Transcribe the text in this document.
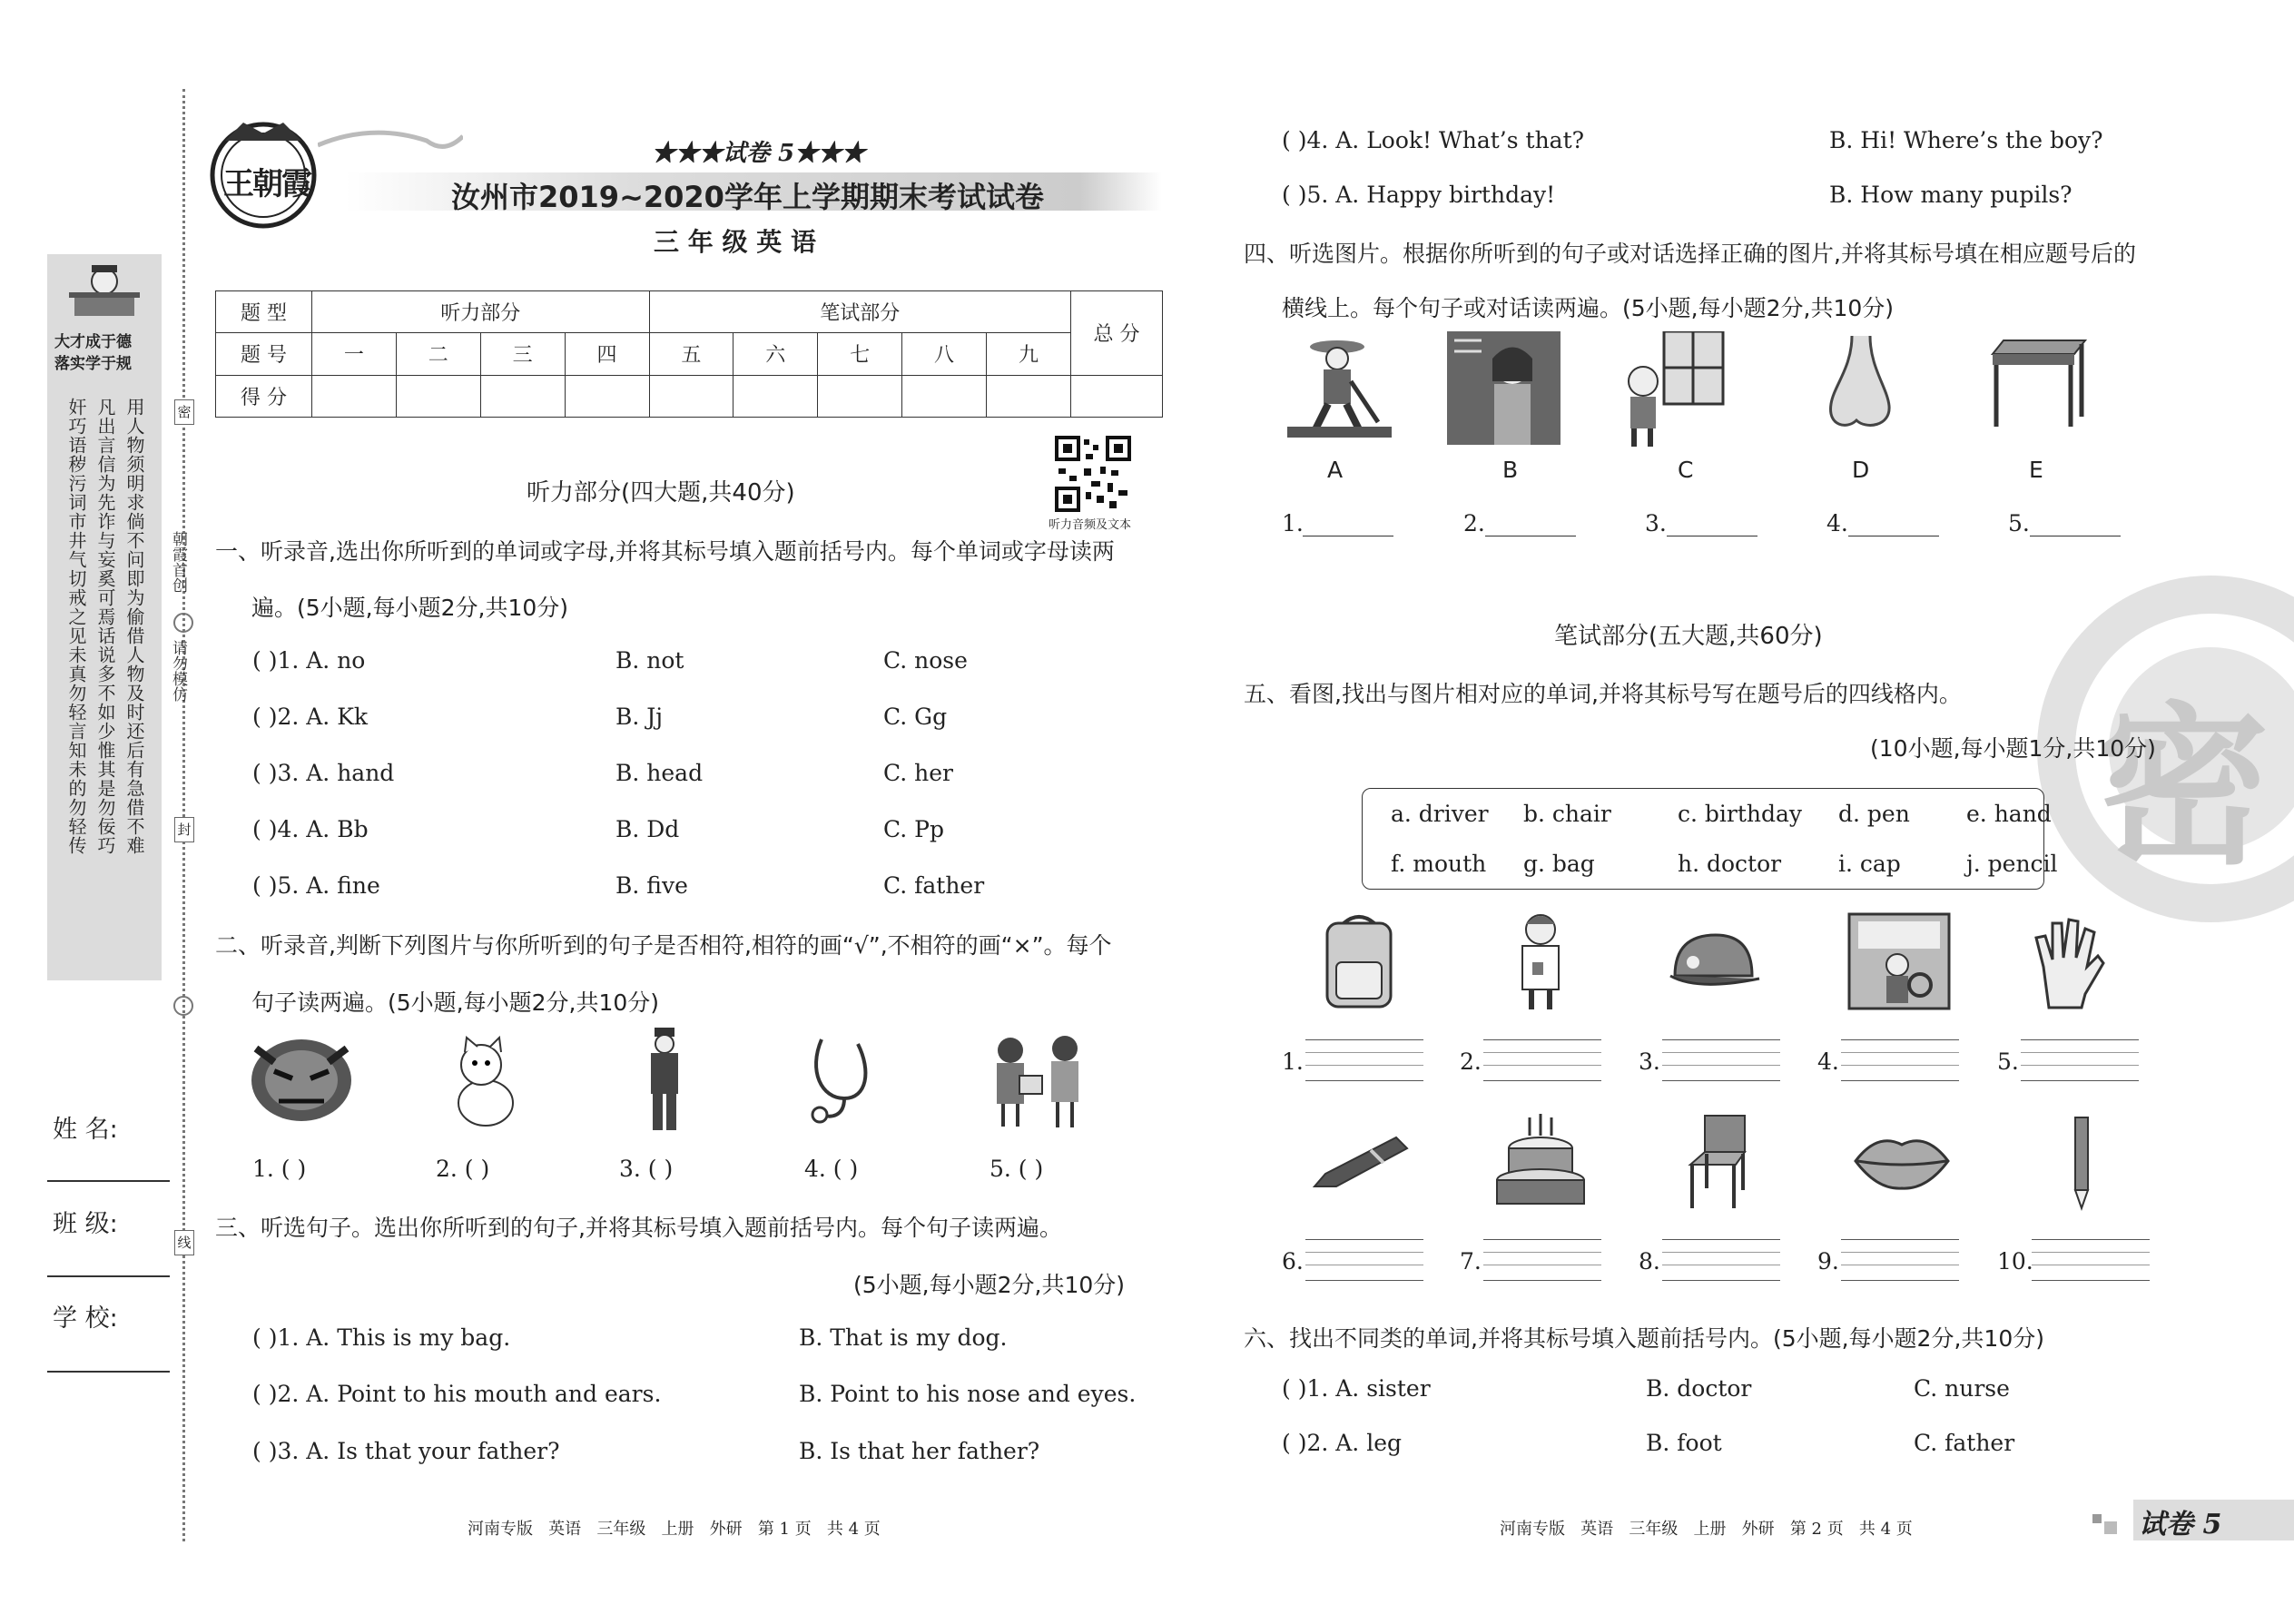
大才成于德
落实学于规
用人物须明求倘不问即为偷借人物及时还后有急借不难
凡出言信为先诈与妄奚可焉话说多不如少惟其是勿佞巧
奸巧语秽污词市井气切戒之见未真勿轻言知未的勿轻传	密
朝霞首创
请勿模仿
封
线
姓 名:
班 级:
学 校:
王朝霞
★★★试卷 5★★★
汝州市2019~2020学年上学期期末考试试卷
三 年 级 英 语
题 型	听力部分				笔试部分					总 分
题 号	一	二	三	四	五	六	七	八	九	
得 分										
听力音频及文本
听力部分(四大题,共40分)
一、听录音,选出你所听到的单词或字母,并将其标号填入题前括号内。每个单词或字母读两
遍。(5小题,每小题2分,共10分)
( )1. A. no	B. not	C. nose
( )2. A. Kk	B. Jj	C. Gg
( )3. A. hand	B. head	C. her
( )4. A. Bb	B. Dd	C. Pp
( )5. A. fine	B. five	C. father
二、听录音,判断下列图片与你所听到的句子是否相符,相符的画“√”,不相符的画“×”。每个
句子读两遍。(5小题,每小题2分,共10分)
1. ( )	2. ( )	3. ( )	4. ( )	5. ( )
三、听选句子。选出你所听到的句子,并将其标号填入题前括号内。每个句子读两遍。
(5小题,每小题2分,共10分)
( )1. A. This is my bag.	B. That is my dog.
( )2. A. Point to his mouth and ears.	B. Point to his nose and eyes.
( )3. A. Is that your father?	B. Is that her father?
河南专版   英语   三年级   上册   外研   第 1 页   共 4 页
( )4. A. Look! What’s that?	B. Hi! Where’s the boy?
( )5. A. Happy birthday!	B. How many pupils?
四、听选图片。根据你所听到的句子或对话选择正确的图片,并将其标号填在相应题号后的
横线上。每个句子或对话读两遍。(5小题,每小题2分,共10分)
A	B	C	D	E
1.	2.	3.	4.	5.
密
笔试部分(五大题,共60分)
五、看图,找出与图片相对应的单词,并将其标号写在题号后的四线格内。
(10小题,每小题1分,共10分)
a. driver b. chair	c. birthday d. pen e. hand
f. mouth g. bag	h. doctor	i. cap	j. pencil
1.	2.	3.	4.	5.
6.	7.	8.	9.	10.
六、找出不同类的单词,并将其标号填入题前括号内。(5小题,每小题2分,共10分)
( )1. A. sister	B. doctor	C. nurse
( )2. A. leg	B. foot	C. father
河南专版   英语   三年级   上册   外研   第 2 页   共 4 页	试卷 5
